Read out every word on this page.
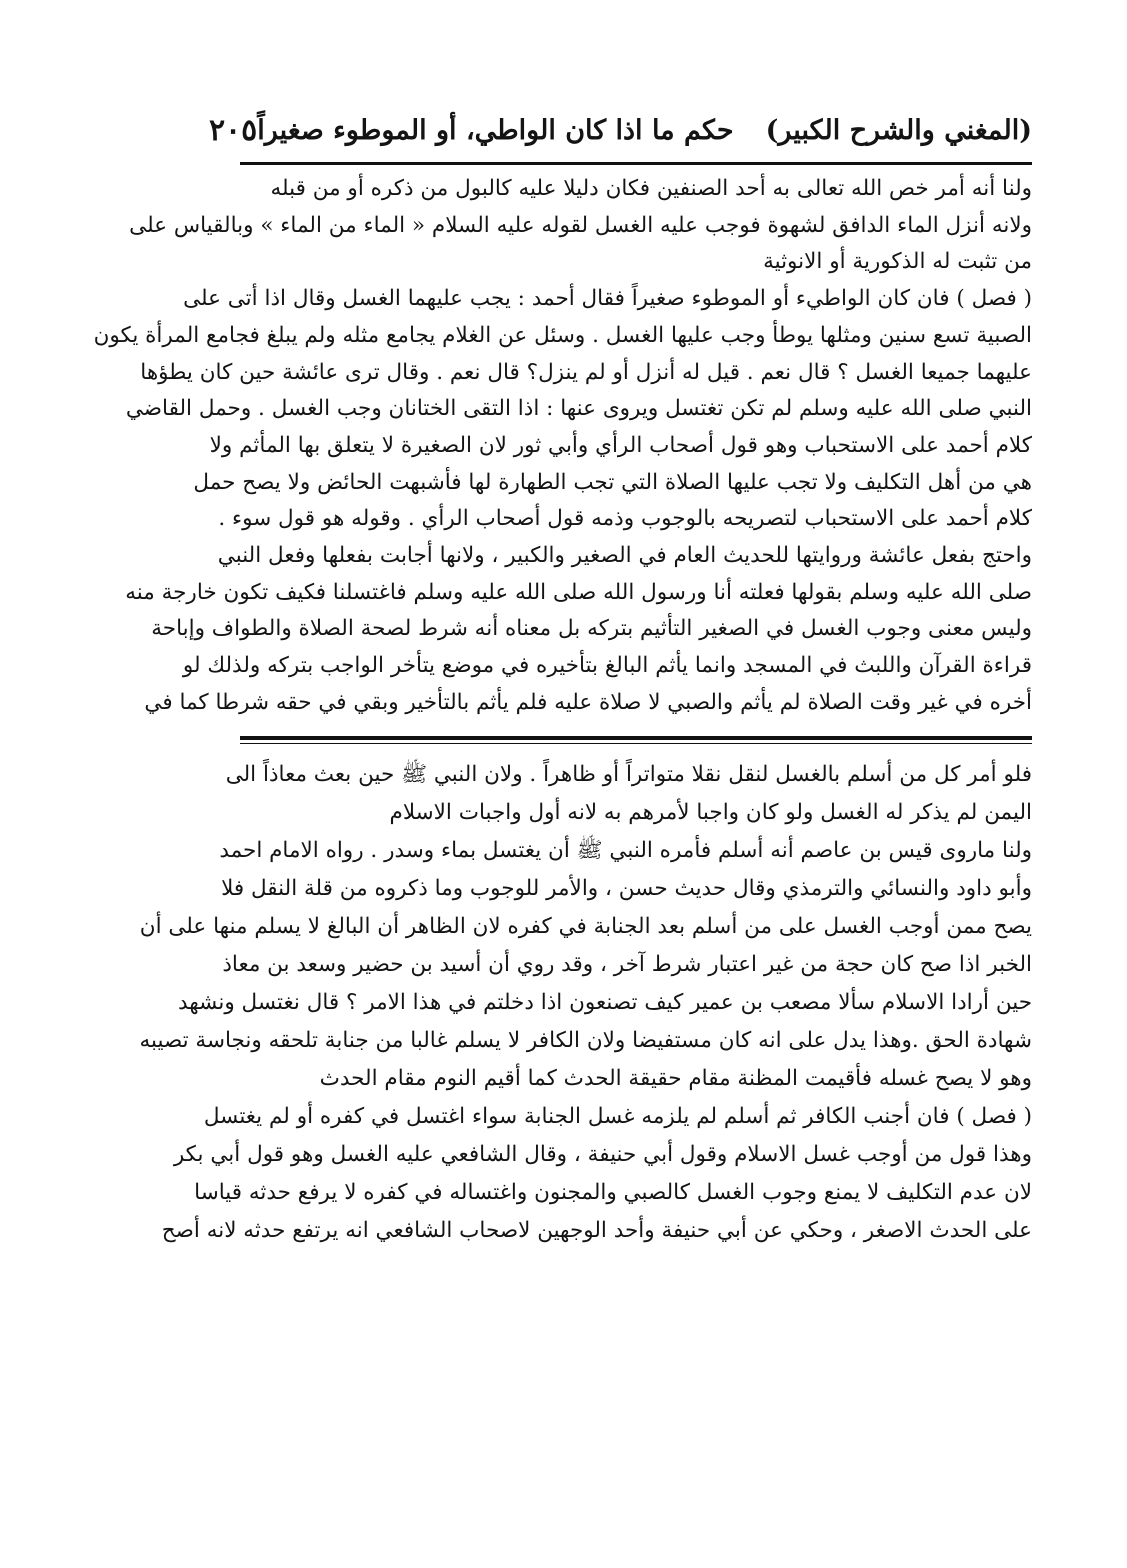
(المغني والشرح الكبير)
حكم ما اذا كان الواطي، أو الموطوء صغيراً
٢٠٥
ولنا أنه أمر خص الله تعالى به أحد الصنفين فكان دليلا عليه كالبول من ذكره أو من قبله
ولانه أنزل الماء الدافق لشهوة فوجب عليه الغسل لقوله عليه السلام « الماء من الماء » وبالقياس على
من تثبت له الذكورية أو الانوثية
( فصل ) فان كان الواطيء أو الموطوء صغيراً فقال أحمد : يجب عليهما الغسل وقال اذا أتى على
الصبية تسع سنين ومثلها يوطأ وجب عليها الغسل . وسئل عن الغلام يجامع مثله ولم يبلغ فجامع المرأة يكون
عليهما جميعا الغسل ؟ قال نعم . قيل له أنزل أو لم ينزل؟ قال نعم . وقال ترى عائشة حين كان يطؤها
النبي صلى الله عليه وسلم لم تكن تغتسل ويروى عنها : اذا التقى الختانان وجب الغسل . وحمل القاضي
كلام أحمد على الاستحباب وهو قول أصحاب الرأي وأبي ثور لان الصغيرة لا يتعلق بها المأثم ولا
هي من أهل التكليف ولا تجب عليها الصلاة التي تجب الطهارة لها فأشبهت الحائض ولا يصح حمل
كلام أحمد على الاستحباب لتصريحه بالوجوب وذمه قول أصحاب الرأي . وقوله هو قول سوء .
واحتج بفعل عائشة وروايتها للحديث العام في الصغير والكبير ، ولانها أجابت بفعلها وفعل النبي
صلى الله عليه وسلم بقولها فعلته أنا ورسول الله صلى الله عليه وسلم فاغتسلنا فكيف تكون خارجة منه
وليس معنى وجوب الغسل في الصغير التأثيم بتركه بل معناه أنه شرط لصحة الصلاة والطواف وإباحة
قراءة القرآن واللبث في المسجد وانما يأثم البالغ بتأخيره في موضع يتأخر الواجب بتركه ولذلك لو
أخره في غير وقت الصلاة لم يأثم والصبي لا صلاة عليه فلم يأثم بالتأخير وبقي في حقه شرطا كما في
فلو أمر كل من أسلم بالغسل لنقل نقلا متواتراً أو ظاهراً . ولان النبي ﷺ حين بعث معاذاً الى
اليمن لم يذكر له الغسل ولو كان واجبا لأمرهم به لانه أول واجبات الاسلام
ولنا ماروى قيس بن عاصم أنه أسلم فأمره النبي ﷺ أن يغتسل بماء وسدر . رواه الامام احمد
وأبو داود والنسائي والترمذي وقال حديث حسن ، والأمر للوجوب وما ذكروه من قلة النقل فلا
يصح ممن أوجب الغسل على من أسلم بعد الجنابة في كفره لان الظاهر أن البالغ لا يسلم منها على أن
الخبر اذا صح كان حجة من غير اعتبار شرط آخر ، وقد روي أن أسيد بن حضير وسعد بن معاذ
حين أرادا الاسلام سألا مصعب بن عمير كيف تصنعون اذا دخلتم في هذا الامر ؟ قال نغتسل ونشهد
شهادة الحق .وهذا يدل على انه كان مستفيضا ولان الكافر لا يسلم غالبا من جنابة تلحقه ونجاسة تصيبه
وهو لا يصح غسله فأقيمت المظنة مقام حقيقة الحدث كما أقيم النوم مقام الحدث
( فصل ) فان أجنب الكافر ثم أسلم لم يلزمه غسل الجنابة سواء اغتسل في كفره أو لم يغتسل
وهذا قول من أوجب غسل الاسلام وقول أبي حنيفة ، وقال الشافعي عليه الغسل وهو قول أبي بكر
لان عدم التكليف لا يمنع وجوب الغسل كالصبي والمجنون واغتساله في كفره لا يرفع حدثه قياسا
على الحدث الاصغر ، وحكي عن أبي حنيفة وأحد الوجهين لاصحاب الشافعي انه يرتفع حدثه لانه أصح
